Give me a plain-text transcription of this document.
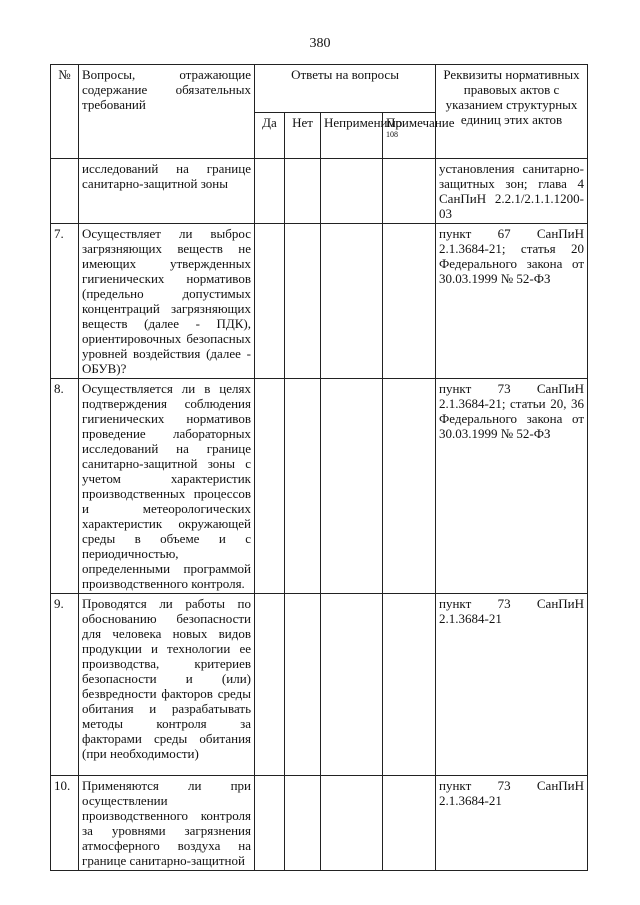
380
№	Вопросы, отражающие содержание обязательных требований	Ответы на вопросы				Реквизиты нормативных правовых актов с указанием структурных единиц этих актов
		Да	Нет	Неприменимо	Примечание
108	

	исследований на границе санитарно-защитной зоны					установления санитарно-защитных зон; глава 4 СанПиН 2.2.1/2.1.1.1200-03
7.	Осуществляет ли выброс загрязняющих веществ не имеющих утвержденных гигиенических нормативов (предельно допустимых концентраций загрязняющих веществ (далее - ПДК), ориентировочных безопасных уровней воздействия (далее - ОБУВ)?					пункт 67 СанПиН 2.1.3684-21; статья 20 Федерального закона от 30.03.1999 № 52-ФЗ
8.	Осуществляется ли в целях подтверждения соблюдения гигиенических нормативов проведение лабораторных исследований на границе санитарно-защитной зоны с учетом характеристик производственных процессов и метеорологических характеристик окружающей среды в объеме и с периодичностью, определенными программой производственного контроля.					пункт 73 СанПиН 2.1.3684-21; статьи 20, 36 Федерального закона от 30.03.1999 № 52-ФЗ
9.	Проводятся ли работы по обоснованию безопасности для человека новых видов продукции и технологии ее производства, критериев безопасности и (или) безвредности факторов среды обитания и разрабатывать методы контроля за факторами среды обитания (при необходимости)					пункт 73 СанПиН 2.1.3684-21
10.	Применяются ли при осуществлении производственного контроля за уровнями загрязнения атмосферного воздуха на границе санитарно-защитной					пункт 73 СанПиН 2.1.3684-21
